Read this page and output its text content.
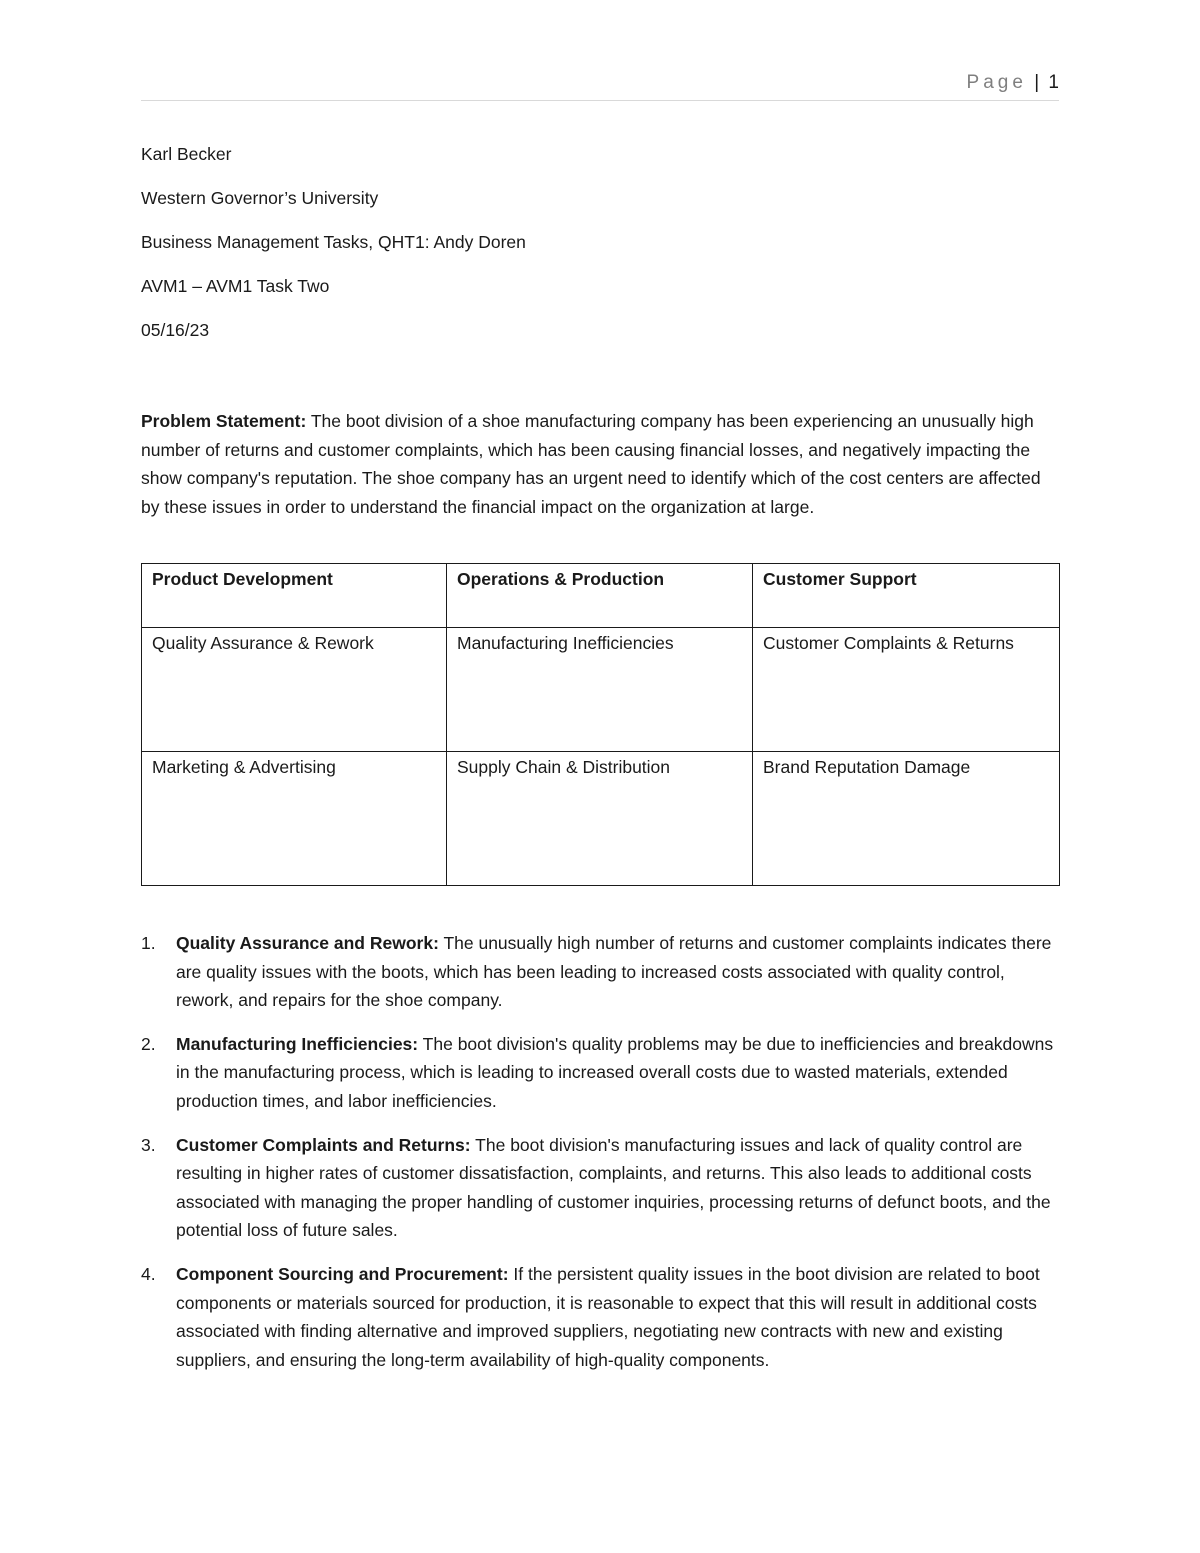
Page | 1
Karl Becker
Western Governor’s University
Business Management Tasks, QHT1: Andy Doren
AVM1 – AVM1 Task Two
05/16/23
Problem Statement: The boot division of a shoe manufacturing company has been experiencing an unusually high number of returns and customer complaints, which has been causing financial losses, and negatively impacting the show company's reputation. The shoe company has an urgent need to identify which of the cost centers are affected by these issues in order to understand the financial impact on the organization at large.
Product Development	Operations & Production	Customer Support
Quality Assurance & Rework	Manufacturing Inefficiencies	Customer Complaints & Returns
Marketing & Advertising	Supply Chain & Distribution	Brand Reputation Damage
1. Quality Assurance and Rework: The unusually high number of returns and customer complaints indicates there are quality issues with the boots, which has been leading to increased costs associated with quality control, rework, and repairs for the shoe company.
2. Manufacturing Inefficiencies: The boot division's quality problems may be due to inefficiencies and breakdowns in the manufacturing process, which is leading to increased overall costs due to wasted materials, extended production times, and labor inefficiencies.
3. Customer Complaints and Returns: The boot division's manufacturing issues and lack of quality control are resulting in higher rates of customer dissatisfaction, complaints, and returns. This also leads to additional costs associated with managing the proper handling of customer inquiries, processing returns of defunct boots, and the potential loss of future sales.
4. Component Sourcing and Procurement: If the persistent quality issues in the boot division are related to boot components or materials sourced for production, it is reasonable to expect that this will result in additional costs associated with finding alternative and improved suppliers, negotiating new contracts with new and existing suppliers, and ensuring the long-term availability of high-quality components.
